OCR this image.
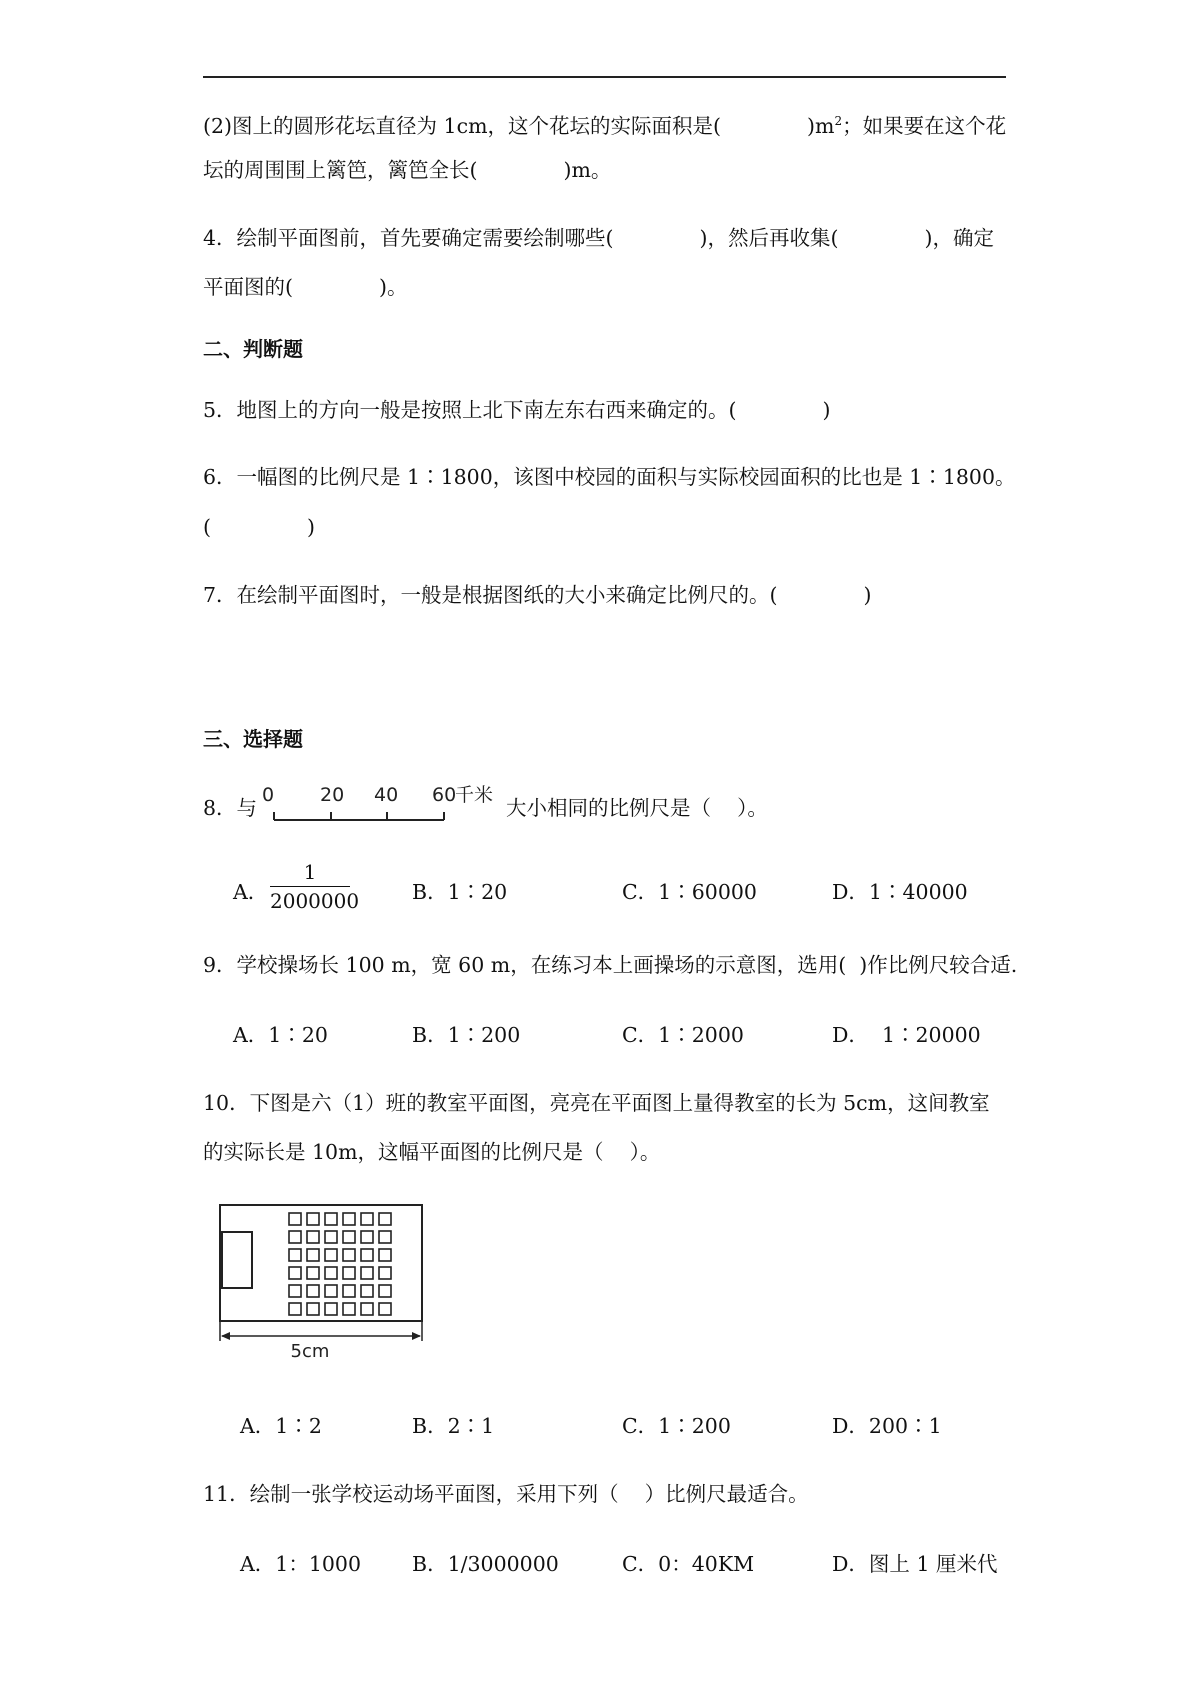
(2)图上的圆形花坛直径为 1cm，这个花坛的实际面积是(	)$m^2$；如果要在这个花
坛的周围围上篱笆，篱笆全长(	)m。
4．绘制平面图前，首先要确定需要绘制哪些(	)，然后再收集(	)，确定
平面图的(	)。
二、判断题
5．地图上的方向一般是按照上北下南左东右西来确定的。(	)
6．一幅图的比例尺是 1∶1800，该图中校园的面积与实际校园面积的比也是 1∶1800。
(	)
7．在绘制平面图时，一般是根据图纸的大小来确定比例尺的。(	)
三、选择题
8．与
0 20 40 60
千米
大小相同的比例尺是（    ）。
A．
1
2000000	B．1∶20	C．1∶60000	D．1∶40000
9．学校操场长 100 m，宽 60 m，在练习本上画操场的示意图，选用(  )作比例尺较合适.
A．1∶20	B．1∶200	C．1∶2000	D．  1∶20000
10．下图是六（1）班的教室平面图，亮亮在平面图上量得教室的长为 5cm，这间教室
的实际长是 10m，这幅平面图的比例尺是（    ）。
5cm
A．1∶2	B．2∶1	C．1∶200	D．200∶1
11．绘制一张学校运动场平面图，采用下列（    ）比例尺最适合。
A．1：1000 B．1/3000000	C．0：40KM	D．图上 1 厘米代
